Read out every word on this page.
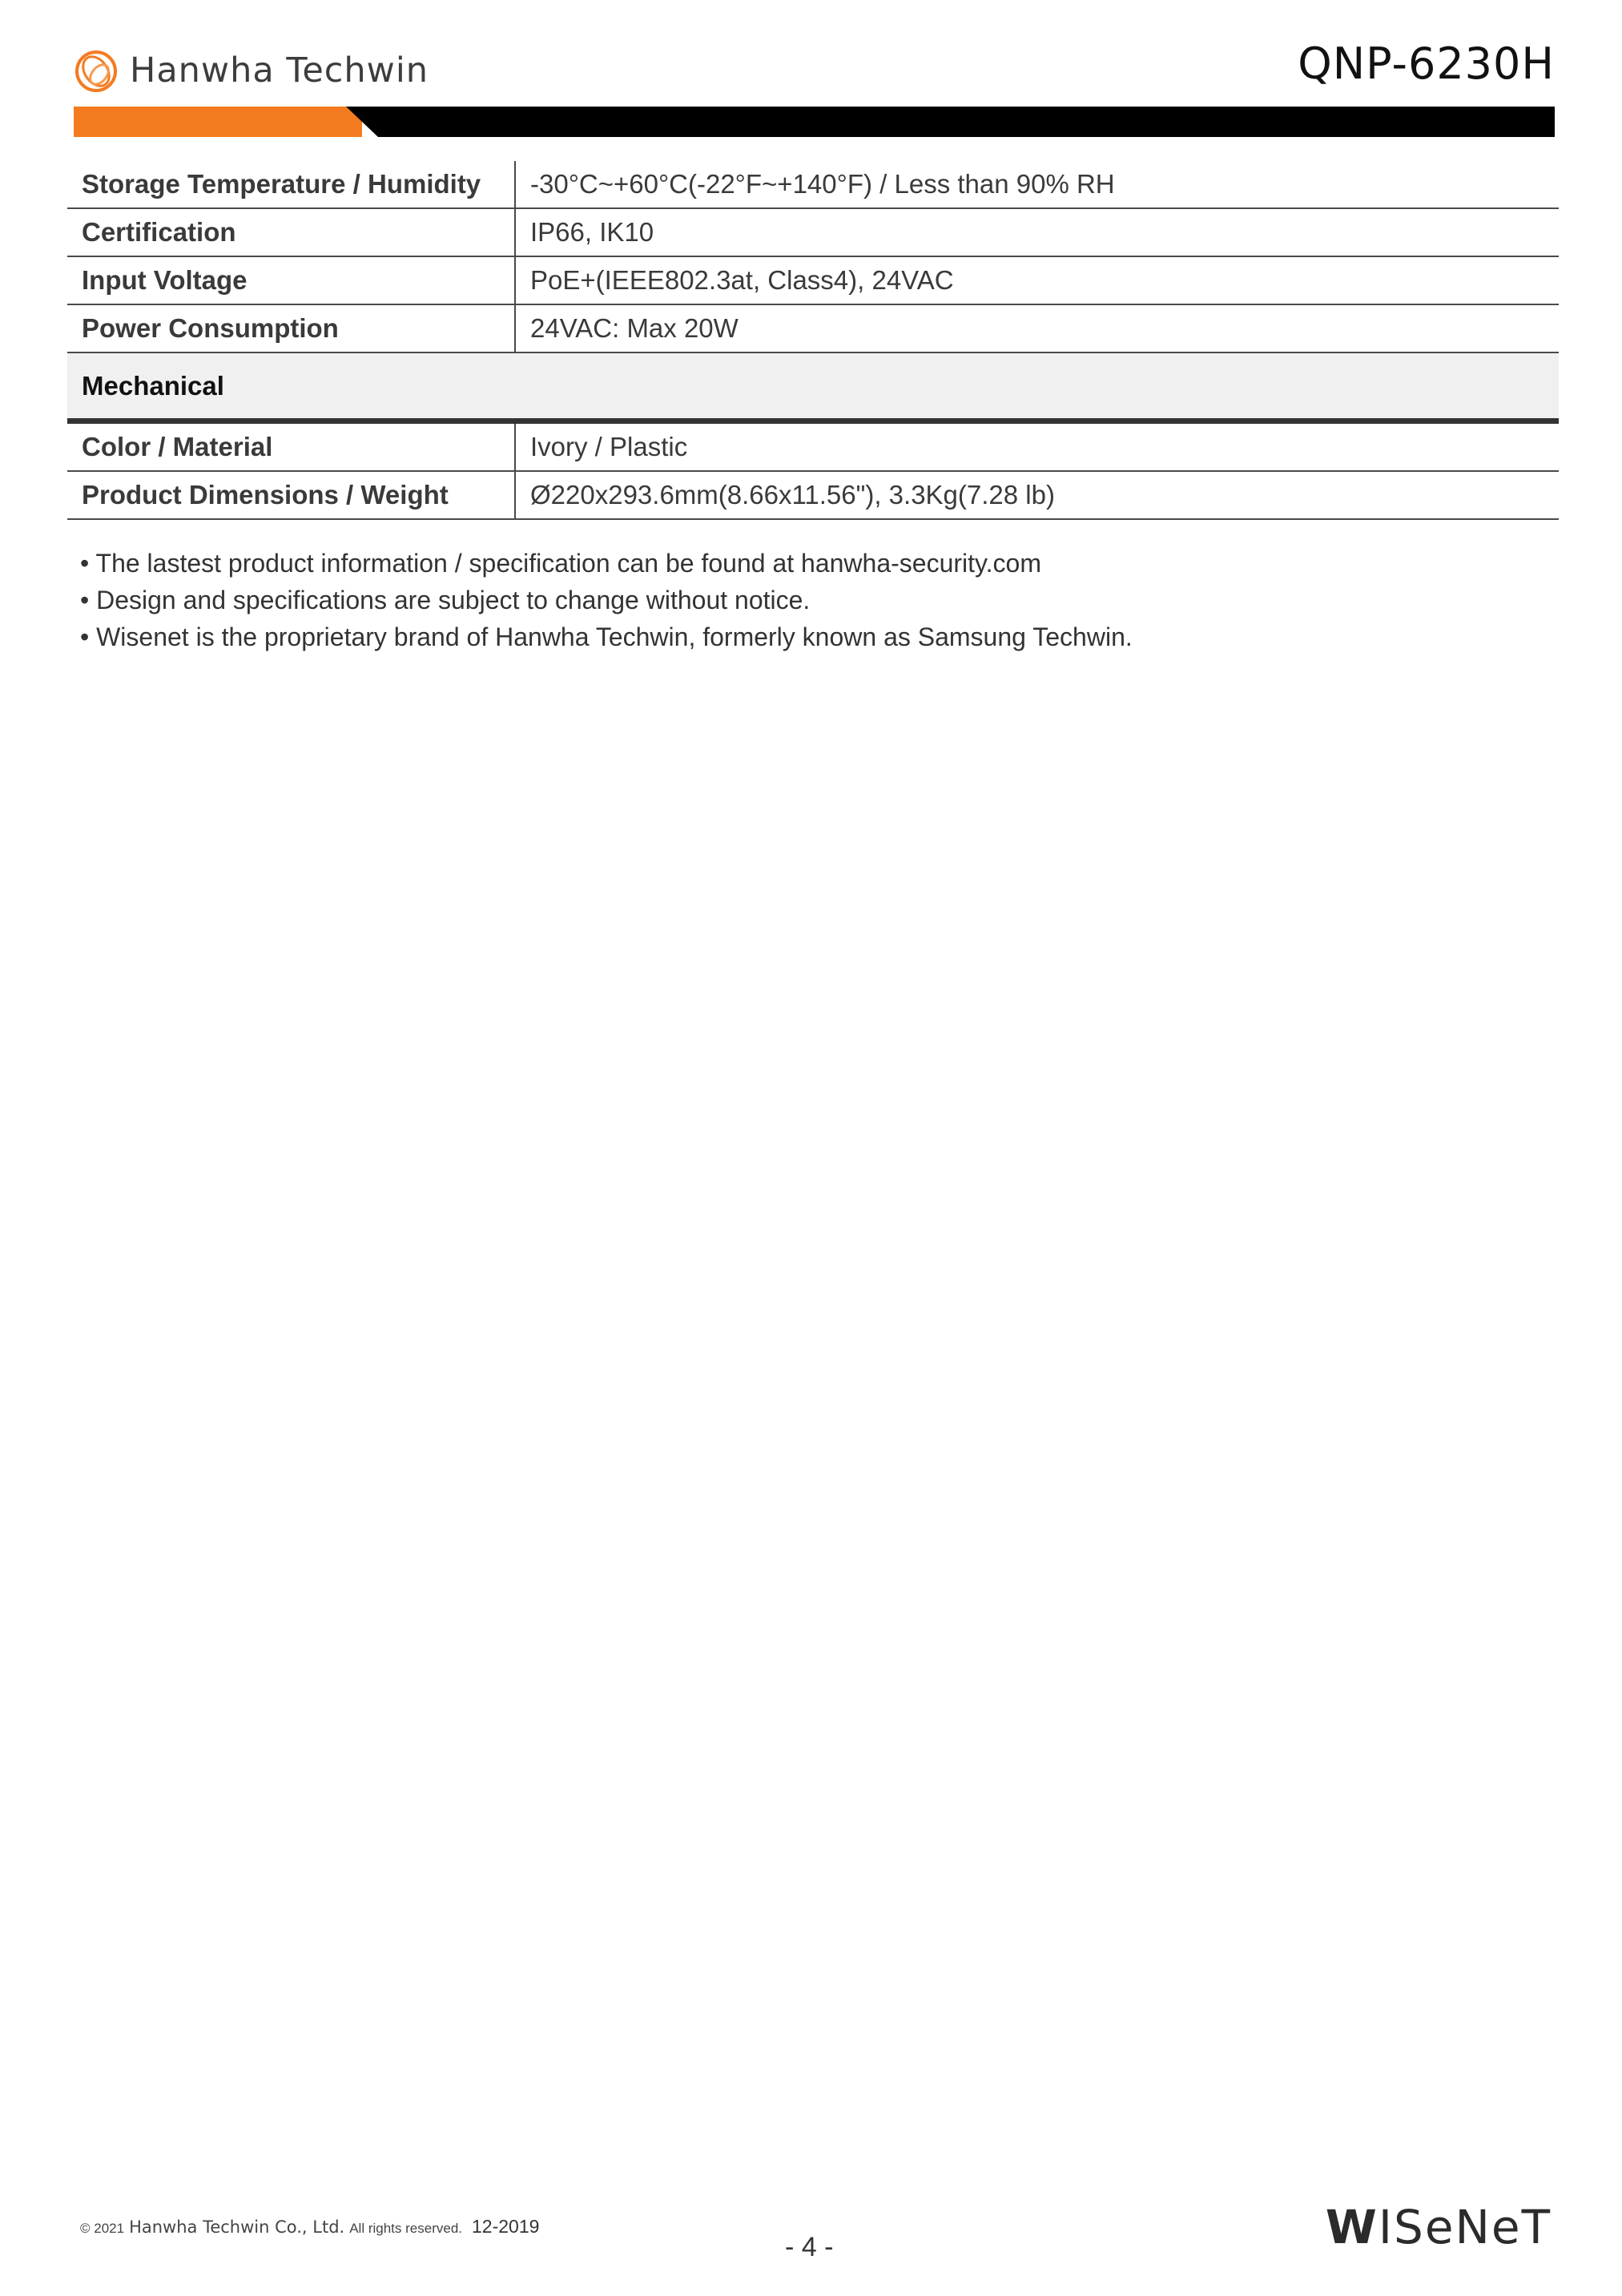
Hanwha Techwin	QNP-6230H
Storage Temperature / Humidity	-30°C~+60°C(-22°F~+140°F) / Less than 90% RH
Certification	IP66, IK10
Input Voltage	PoE+(IEEE802.3at, Class4), 24VAC
Power Consumption	24VAC: Max 20W
Mechanical
Color / Material	Ivory / Plastic
Product Dimensions / Weight	Ø220x293.6mm(8.66x11.56"), 3.3Kg(7.28 lb)
• The lastest product information / specification can be found at hanwha-security.com
• Design and specifications are subject to change without notice.
• Wisenet is the proprietary brand of Hanwha Techwin, formerly known as Samsung Techwin.
© 2021 Hanwha Techwin Co., Ltd. All rights reserved. 12-2019
- 4 -	WISeNeT
